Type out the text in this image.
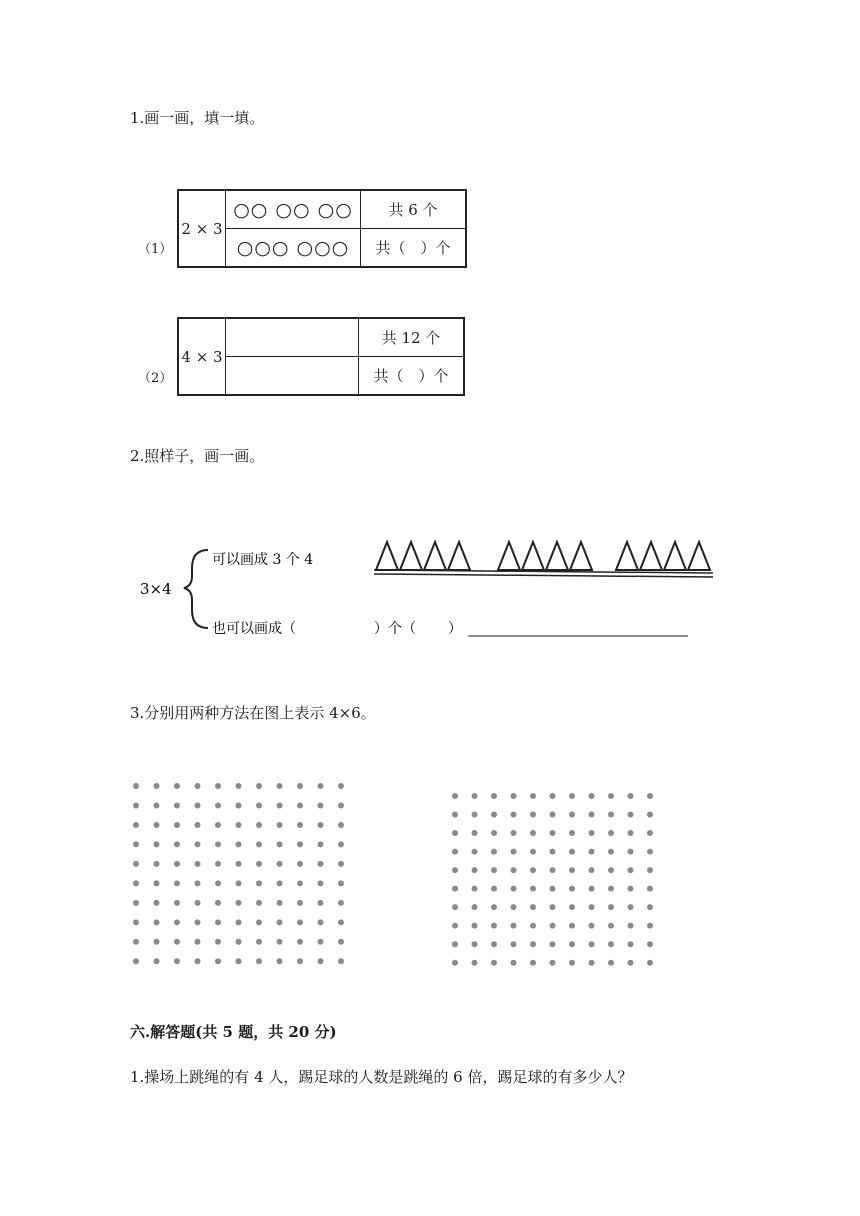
1.画一画，填一填。
（1）
2 × 3	○○ ○○ ○○	共 6 个
	○○○ ○○○	共（　）个
（2）
4 × 3		共 12 个
		共（　）个
2.照样子，画一画。
3×4
可以画成 3 个 4
也可以画成（	）个（ ）
3.分别用两种方法在图上表示 4×6。
六.解答题(共 5 题，共 20 分)
1.操场上跳绳的有 4 人，踢足球的人数是跳绳的 6 倍，踢足球的有多少人？
